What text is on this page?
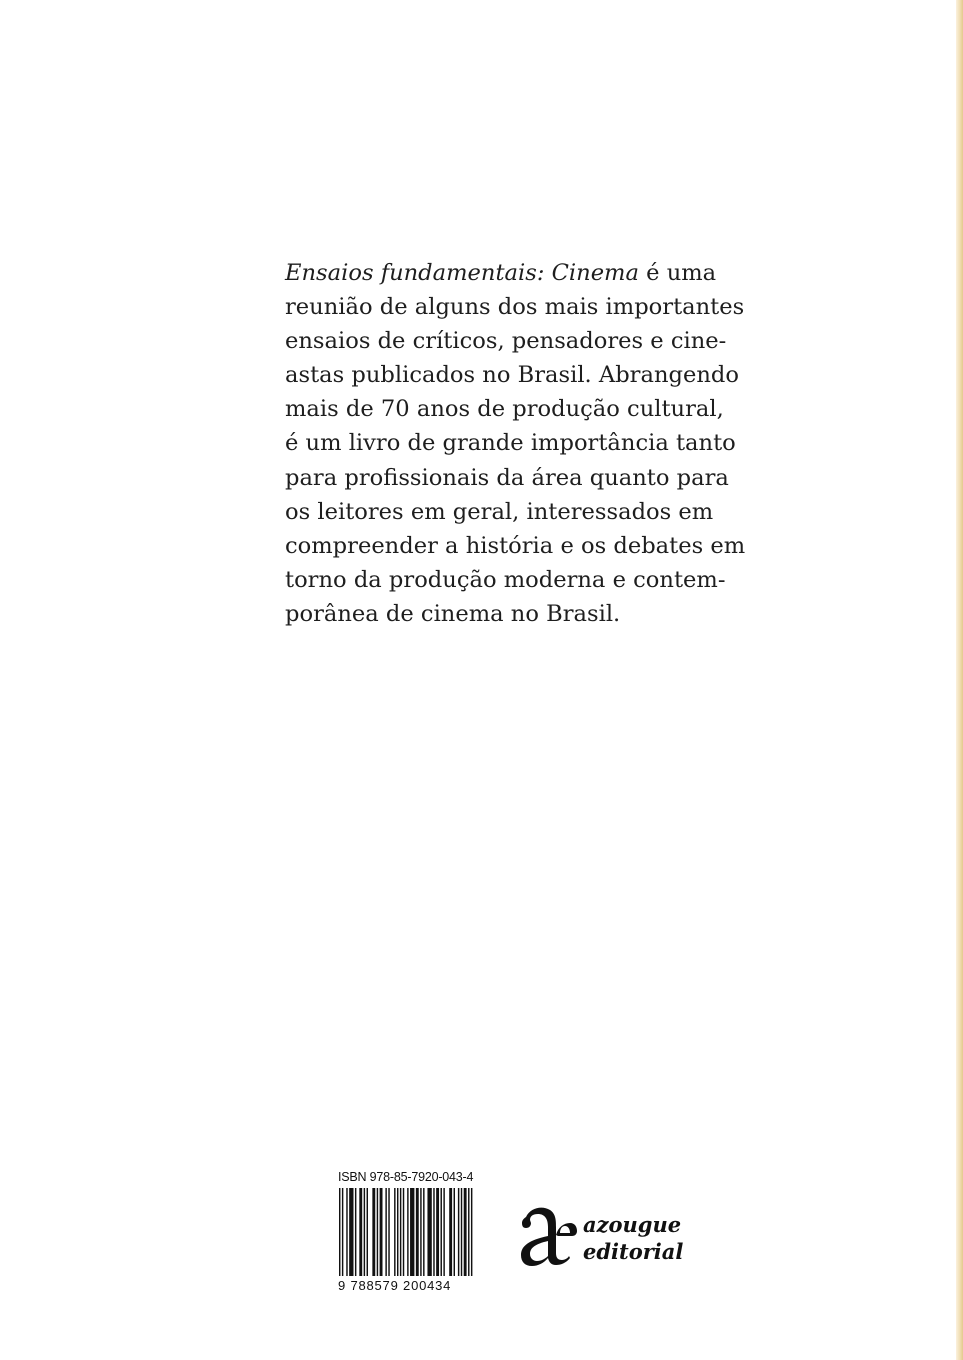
Ensaios fundamentais: Cinema é uma
reunião de alguns dos mais importantes
ensaios de críticos, pensadores e cine-
astas publicados no Brasil. Abrangendo
mais de 70 anos de produção cultural,
é um livro de grande importância tanto
para profissionais da área quanto para
os leitores em geral, interessados em
compreender a história e os debates em
torno da produção moderna e contem-
porânea de cinema no Brasil.
ISBN 978-85-7920-043-4
9 788579 200434
azougue
editorial
